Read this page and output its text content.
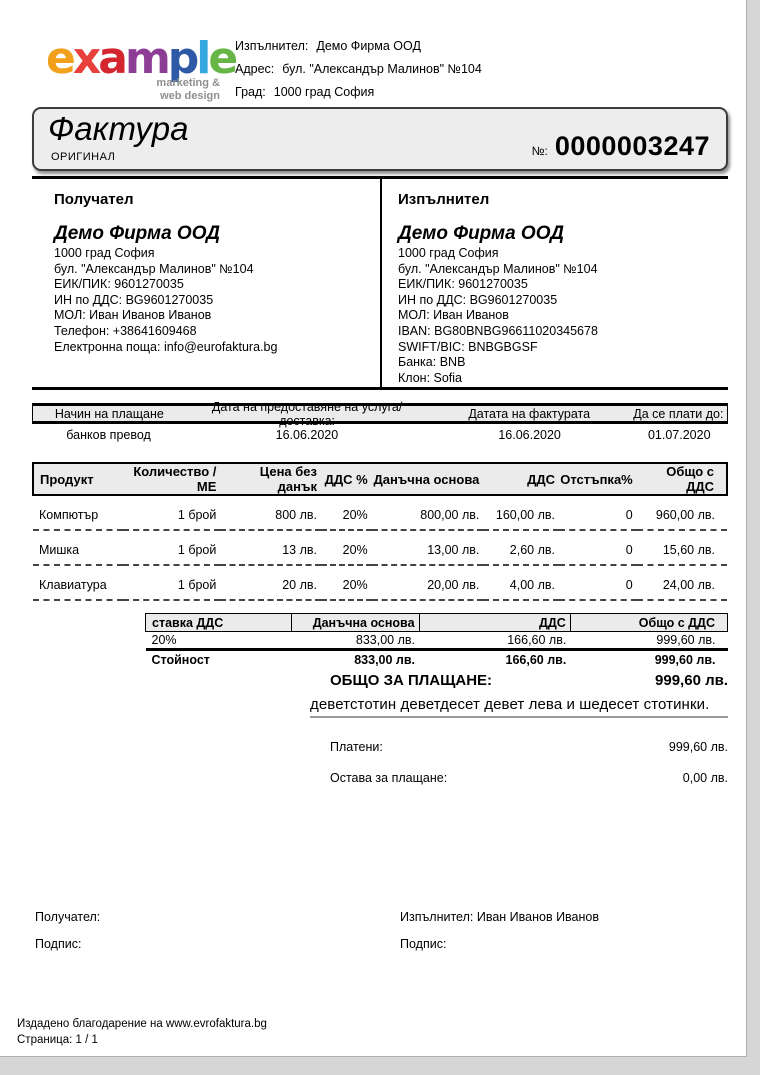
example
marketing &
web design
Изпълнител: Демо Фирма ООД
Адрес: бул. "Александър Малинов" №104
Град: 1000 град София
Фактура
ОРИГИНАЛ	№: 0000003247
Получател
Демо Фирма ООД
1000 град София
бул. "Александър Малинов" №104
ЕИК/ПИК: 9601270035
ИН по ДДС: BG9601270035
МОЛ: Иван Иванов Иванов
Телефон: +38641609468
Електронна поща: info@eurofaktura.bg
Изпълнител
Демо Фирма ООД
1000 град София
бул. "Александър Малинов" №104
ЕИК/ПИК: 9601270035
ИН по ДДС: BG9601270035
МОЛ: Иван Иванов
IBAN: BG80BNBG96611020345678
SWIFT/BIC: BNBGBGSF
Банка: BNB
Клон: Sofia
Начин на плащане	Дата на предоставяне на услуга/доставка:	Датата на фактурата	Да се плати до:
банков превод	16.06.2020	16.06.2020	01.07.2020
Продукт	Количество / МЕ	Цена без данък	ДДС %	Данъчна основа	ДДС	Отстъпка%	Общо с ДДС
Компютър	1 брой	800 лв.	20%	800,00 лв.	160,00 лв.	0	960,00 лв.
Мишка	1 брой	13 лв.	20%	13,00 лв.	2,60 лв.	0	15,60 лв.
Клавиатура	1 брой	20 лв.	20%	20,00 лв.	4,00 лв.	0	24,00 лв.
ставка ДДС	Данъчна основа	ДДС	Общо с ДДС
20%	833,00 лв.	166,60 лв.	999,60 лв.
Стойност	833,00 лв.	166,60 лв.	999,60 лв.
ОБЩО ЗА ПЛАЩАНЕ:	999,60 лв.
деветстотин деветдесет девет лева и шедесет стотинки.
Платени:	999,60 лв.
Остава за плащане:	0,00 лв.
Получател:
Подпис:
Изпълнител: Иван Иванов Иванов
Подпис:
Издадено благодарение на www.evrofaktura.bg
Страница: 1 / 1
